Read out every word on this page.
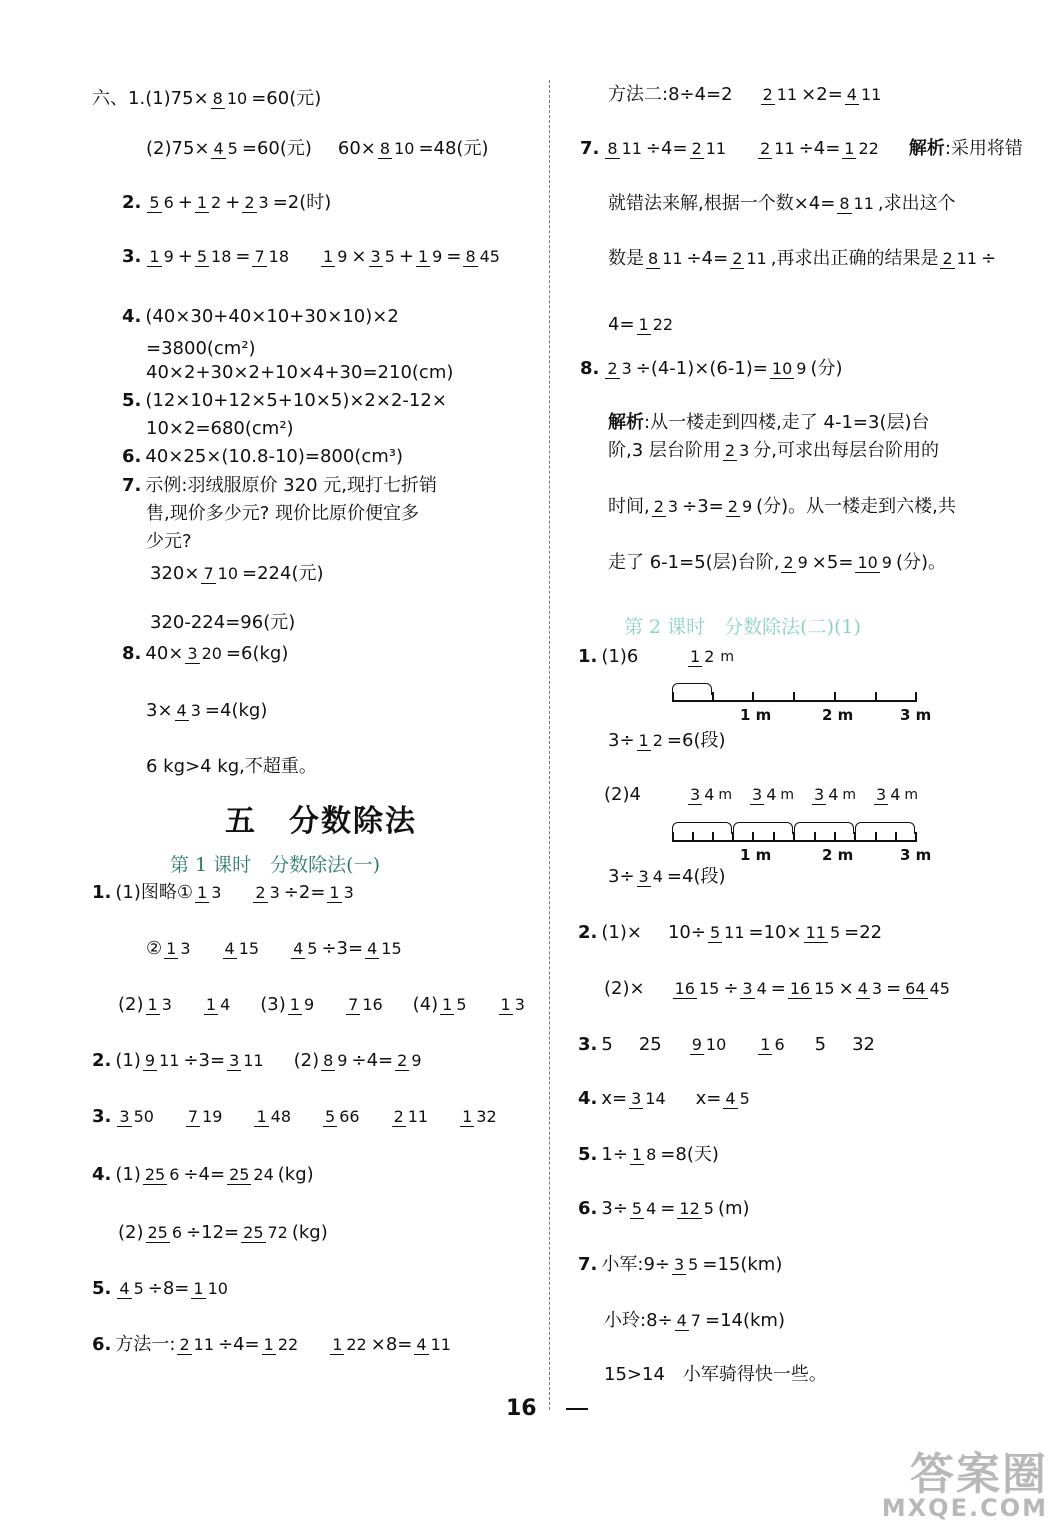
六、1. (1)75× 8 10 =60(元)
(2)75× 4 5 =60(元) 60× 8 10 =48(元)
2. 5 6 + 1 2 + 2 3 =2(时)
3. 1 9 + 5 18 = 7 18 1 9 × 3 5 + 1 9 = 8 45
4. (40×30+40×10+30×10)×2
=3800(cm²)
40×2+30×2+10×4+30=210(cm)
5. (12×10+12×5+10×5)×2×2-12×
10×2=680(cm²)
6. 40×25×(10.8-10)=800(cm³)
7. 示例:羽绒服原价 320 元,现打七折销
售,现价多少元? 现价比原价便宜多
少元?
320× 7 10 =224(元)
320-224=96(元)
8. 40× 3 20 =6(kg)
3× 4 3 =4(kg)
6 kg>4 kg,不超重。
五　分数除法
第 1 课时　分数除法(一)
1. (1)图略① 1 3 2 3 ÷ 2 = 1 3
② 1 3 4 15 4 5 ÷ 3 = 4 15
(2) 1 3 1 4 (3) 1 9 7 16 (4) 1 5 1 3
2. (1) 9 11 ÷ 3 = 3 11 (2) 8 9 ÷ 4 = 2 9
3. 3 50 7 19 1 48 5 66 2 11 1 32
4. (1) 25 6 ÷ 4 = 25 24 (kg)
(2) 25 6 ÷ 12 = 25 72 (kg)
5. 4 5 ÷ 8 = 1 10
6. 方法一: 2 11 ÷ 4 = 1 22 1 22 × 8 = 4 11
方法二:8÷4=2 2 11 × 2 = 4 11
7. 8 11 ÷ 4 = 2 11 2 11 ÷ 4 = 1 22 解析 :采用将错
就错法来解,根据一个数×4= 8 11 ,求出这个
数是 8 11 ÷ 4 = 2 11 ,再求出正确的结果是 2 11 ÷
4= 1 22
8. 2 3 ÷(4-1)×(6-1)= 10 9 (分)
解析 :从一楼走到四楼,走了 4-1=3(层)台
阶,3 层台阶用 2 3 分,可求出每层台阶用的
时间, 2 3 ÷ 3 = 2 9 (分)。从一楼走到六楼,共
走了 6-1=5(层)台阶, 2 9 × 5 = 10 9 (分)。
第 2 课时　分数除法(二)(1)
1. (1)6	1 2 m
1 m	2 m	3 m
3÷ 1 2 =6(段)
(2)4	3 4 m 3 4 m 3 4 m 3 4 m
1 m	2 m	3 m
3÷ 3 4 =4(段)
2. (1)× 10÷ 5 11 =10× 11 5 =22
(2)× 16 15 ÷ 3 4 = 16 15 × 4 3 = 64 45
3. 5 25 9 10 1 6 5 32
4. x= 3 14 x= 4 5
5. 1÷ 1 8 =8(天)
6. 3÷ 5 4 = 12 5 (m)
7. 小军:9÷ 3 5 =15(km)
小玲:8÷ 4 7 =14(km)
15>14　小军骑得快一些。
16
答案圈
MXQE.COM
